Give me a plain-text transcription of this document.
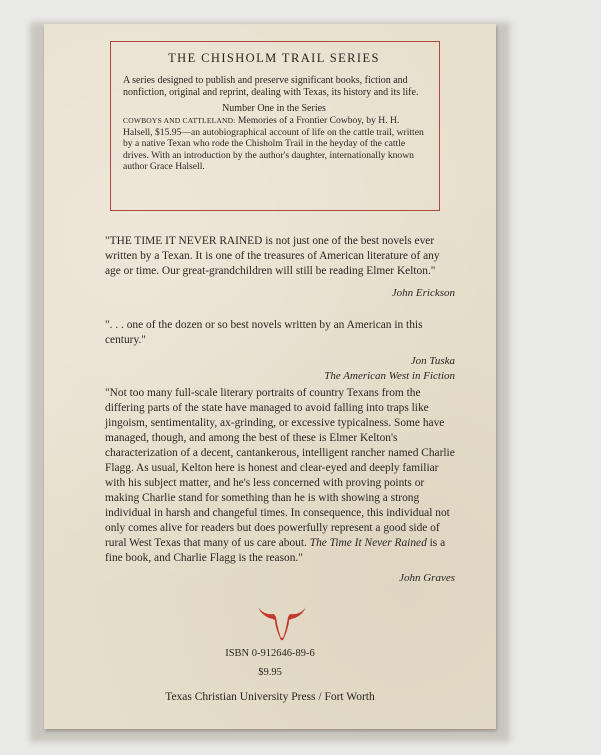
THE CHISHOLM TRAIL SERIES

A series designed to publish and preserve significant books, fiction and nonfiction, original and reprint, dealing with Texas, its history and its life.

Number One in the Series

COWBOYS AND CATTLELAND: Memories of a Frontier Cowboy, by H. H. Halsell, $15.95—an autobiographical account of life on the cattle trail, written by a native Texan who rode the Chisholm Trail in the heyday of the cattle drives. With an introduction by the author's daughter, internationally known author Grace Halsell.

"THE TIME IT NEVER RAINED is not just one of the best novels ever written by a Texan. It is one of the treasures of American literature of any age or time. Our great-grandchildren will still be reading Elmer Kelton."

John Erickson

". . . one of the dozen or so best novels written by an American in this century."

Jon Tuska

The American West in Fiction

"Not too many full-scale literary portraits of country Texans from the differing parts of the state have managed to avoid falling into traps like jingoism, sentimentality, ax-grinding, or excessive typicalness. Some have managed, though, and among the best of these is Elmer Kelton's characterization of a decent, cantankerous, intelligent rancher named Charlie Flagg. As usual, Kelton here is honest and clear-eyed and deeply familiar with his subject matter, and he's less concerned with proving points or making Charlie stand for something than he is with showing a strong individual in harsh and changeful times. In consequence, this individual not only comes alive for readers but does powerfully represent a good side of rural West Texas that many of us care about. The Time It Never Rained is a fine book, and Charlie Flagg is the reason."

John Graves

ISBN 0-912646-89-6
$9.95
Texas Christian University Press / Fort Worth
